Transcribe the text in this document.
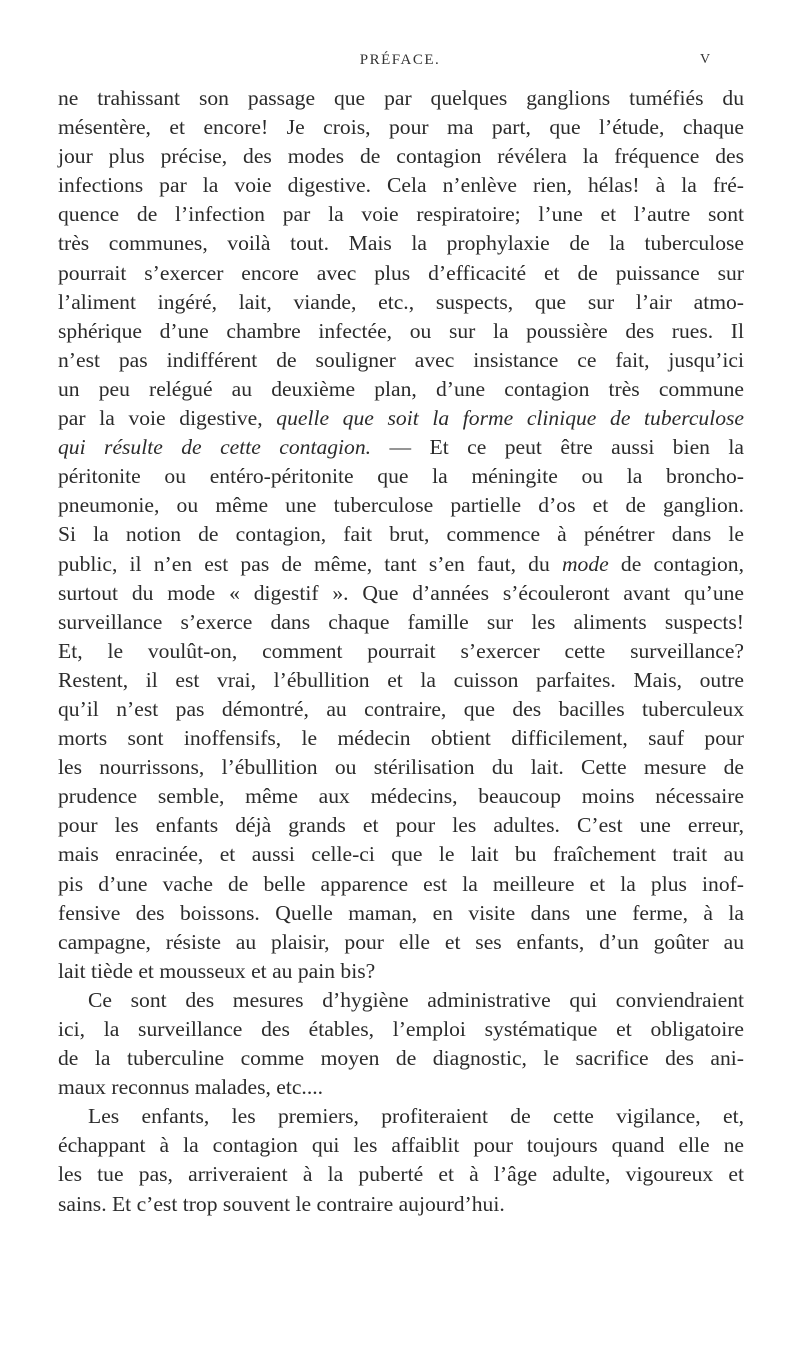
PRÉFACE.	V

ne trahissant son passage que par quelques ganglions tuméfiés du
mésentère, et encore! Je crois, pour ma part, que l’étude, chaque
jour plus précise, des modes de contagion révélera la fréquence des
infections par la voie digestive. Cela n’enlève rien, hélas! à la fré-
quence de l’infection par la voie respiratoire; l’une et l’autre sont
très communes, voilà tout. Mais la prophylaxie de la tuberculose
pourrait s’exercer encore avec plus d’efficacité et de puissance sur
l’aliment ingéré, lait, viande, etc., suspects, que sur l’air atmo-
sphérique d’une chambre infectée, ou sur la poussière des rues. Il
n’est pas indifférent de souligner avec insistance ce fait, jusqu’ici
un peu relégué au deuxième plan, d’une contagion très commune
par la voie digestive, quelle que soit la forme clinique de tuberculose
qui résulte de cette contagion. — Et ce peut être aussi bien la
péritonite ou entéro-péritonite que la méningite ou la broncho-
pneumonie, ou même une tuberculose partielle d’os et de ganglion.
Si la notion de contagion, fait brut, commence à pénétrer dans le
public, il n’en est pas de même, tant s’en faut, du mode de contagion,
surtout du mode « digestif ». Que d’années s’écouleront avant qu’une
surveillance s’exerce dans chaque famille sur les aliments suspects!
Et, le voulût-on, comment pourrait s’exercer cette surveillance?
Restent, il est vrai, l’ébullition et la cuisson parfaites. Mais, outre
qu’il n’est pas démontré, au contraire, que des bacilles tuberculeux
morts sont inoffensifs, le médecin obtient difficilement, sauf pour
les nourrissons, l’ébullition ou stérilisation du lait. Cette mesure de
prudence semble, même aux médecins, beaucoup moins nécessaire
pour les enfants déjà grands et pour les adultes. C’est une erreur,
mais enracinée, et aussi celle-ci que le lait bu fraîchement trait au
pis d’une vache de belle apparence est la meilleure et la plus inof-
fensive des boissons. Quelle maman, en visite dans une ferme, à la
campagne, résiste au plaisir, pour elle et ses enfants, d’un goûter au
lait tiède et mousseux et au pain bis?

Ce sont des mesures d’hygiène administrative qui conviendraient
ici, la surveillance des étables, l’emploi systématique et obligatoire
de la tuberculine comme moyen de diagnostic, le sacrifice des ani-
maux reconnus malades, etc....

Les enfants, les premiers, profiteraient de cette vigilance, et,
échappant à la contagion qui les affaiblit pour toujours quand elle ne
les tue pas, arriveraient à la puberté et à l’âge adulte, vigoureux et
sains. Et c’est trop souvent le contraire aujourd’hui.
